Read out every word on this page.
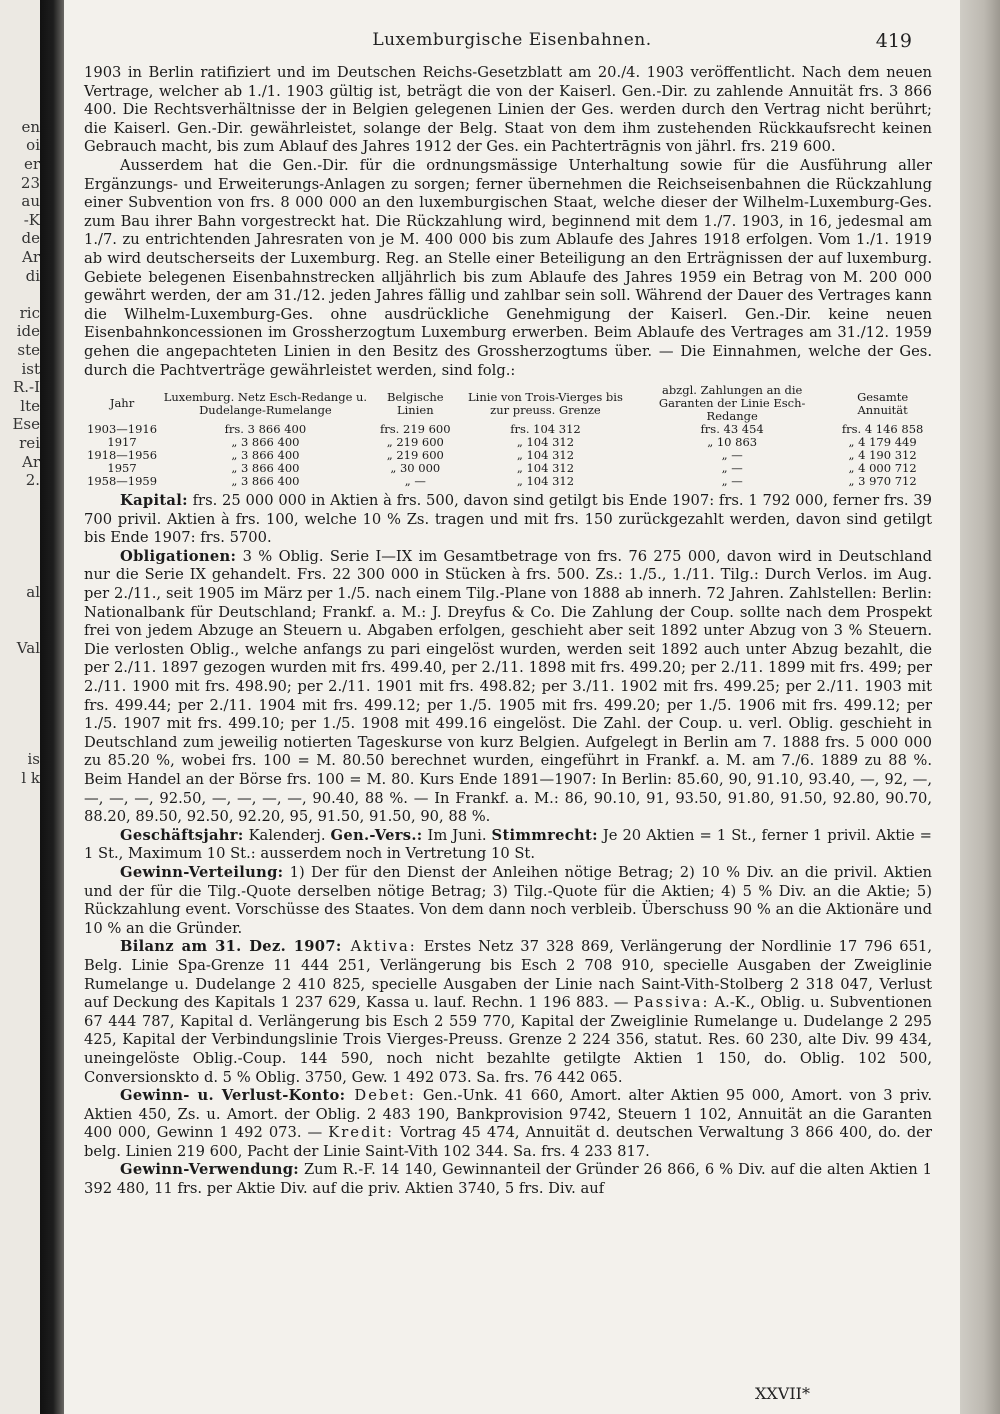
en
oi
er
23
au
-K
de
Ar
di
ric
ide
ste
ist
R.-I
lte
Ese
rei
Ar
2.
al
Val
is
l k
Luxemburgische Eisenbahnen.	419

1903 in Berlin ratifiziert und im Deutschen Reichs-Gesetzblatt am 20./4. 1903 veröffentlicht. Nach dem neuen Vertrage, welcher ab 1./1. 1903 gültig ist, beträgt die von der Kaiserl. Gen.-Dir. zu zahlende Annuität frs. 3 866 400. Die Rechtsverhältnisse der in Belgien gelegenen Linien der Ges. werden durch den Vertrag nicht berührt; die Kaiserl. Gen.-Dir. gewährleistet, solange der Belg. Staat von dem ihm zustehenden Rückkaufsrecht keinen Gebrauch macht, bis zum Ablauf des Jahres 1912 der Ges. ein Pachtertrāgnis von jährl. frs. 219 600.

Ausserdem hat die Gen.-Dir. für die ordnungsmässige Unterhaltung sowie für die Ausführung aller Ergänzungs- und Erweiterungs-Anlagen zu sorgen; ferner übernehmen die Reichseisenbahnen die Rückzahlung einer Subvention von frs. 8 000 000 an den luxemburgischen Staat, welche dieser der Wilhelm-Luxemburg-Ges. zum Bau ihrer Bahn vorgestreckt hat. Die Rückzahlung wird, beginnend mit dem 1./7. 1903, in 16, jedesmal am 1./7. zu entrichtenden Jahresraten von je M. 400 000 bis zum Ablaufe des Jahres 1918 erfolgen. Vom 1./1. 1919 ab wird deutscherseits der Luxemburg. Reg. an Stelle einer Beteiligung an den Erträgnissen der auf luxemburg. Gebiete belegenen Eisenbahnstrecken alljährlich bis zum Ablaufe des Jahres 1959 ein Betrag von M. 200 000 gewährt werden, der am 31./12. jeden Jahres fällig und zahlbar sein soll. Während der Dauer des Vertrages kann die Wilhelm-Luxemburg-Ges. ohne ausdrückliche Genehmigung der Kaiserl. Gen.-Dir. keine neuen Eisenbahnkoncessionen im Grossherzogtum Luxemburg erwerben. Beim Ablaufe des Vertrages am 31./12. 1959 gehen die angepachteten Linien in den Besitz des Grossherzogtums über. — Die Einnahmen, welche der Ges. durch die Pachtverträge gewährleistet werden, sind folg.:

Jahr	Luxemburg. Netz Esch-Redange u. Dudelange-Rumelange	Belgische Linien	Linie von Trois-Vierges bis zur preuss. Grenze	abzgl. Zahlungen an die Garanten der Linie Esch-Redange	Gesamte Annuität
1903—1916	frs. 3 866 400	frs. 219 600	frs. 104 312	frs. 43 454	frs. 4 146 858
1917	„ 3 866 400	„ 219 600	„ 104 312	„ 10 863	„ 4 179 449
1918—1956	„ 3 866 400	„ 219 600	„ 104 312	„ —	„ 4 190 312
1957	„ 3 866 400	„ 30 000	„ 104 312	„ —	„ 4 000 712
1958—1959	„ 3 866 400	„ —	„ 104 312	„ —	„ 3 970 712

Kapital: frs. 25 000 000 in Aktien à frs. 500, davon sind getilgt bis Ende 1907: frs. 1 792 000, ferner frs. 39 700 privil. Aktien à frs. 100, welche 10 % Zs. tragen und mit frs. 150 zurückgezahlt werden, davon sind getilgt bis Ende 1907: frs. 5700.

Obligationen: 3 % Oblig. Serie I—IX im Gesamtbetrage von frs. 76 275 000, davon wird in Deutschland nur die Serie IX gehandelt. Frs. 22 300 000 in Stücken à frs. 500. Zs.: 1./5., 1./11. Tilg.: Durch Verlos. im Aug. per 2./11., seit 1905 im März per 1./5. nach einem Tilg.-Plane von 1888 ab innerh. 72 Jahren. Zahlstellen: Berlin: Nationalbank für Deutschland; Frankf. a. M.: J. Dreyfus & Co. Die Zahlung der Coup. sollte nach dem Prospekt frei von jedem Abzuge an Steuern u. Abgaben erfolgen, geschieht aber seit 1892 unter Abzug von 3 % Steuern. Die verlosten Oblig., welche anfangs zu pari eingelöst wurden, werden seit 1892 auch unter Abzug bezahlt, die per 2./11. 1897 gezogen wurden mit frs. 499.40, per 2./11. 1898 mit frs. 499.20; per 2./11. 1899 mit frs. 499; per 2./11. 1900 mit frs. 498.90; per 2./11. 1901 mit frs. 498.82; per 3./11. 1902 mit frs. 499.25; per 2./11. 1903 mit frs. 499.44; per 2./11. 1904 mit frs. 499.12; per 1./5. 1905 mit frs. 499.20; per 1./5. 1906 mit frs. 499.12; per 1./5. 1907 mit frs. 499.10; per 1./5. 1908 mit 499.16 eingelöst. Die Zahl. der Coup. u. verl. Oblig. geschieht in Deutschland zum jeweilig notierten Tageskurse von kurz Belgien. Aufgelegt in Berlin am 7. 1888 frs. 5 000 000 zu 85.20 %, wobei frs. 100 = M. 80.50 berechnet wurden, eingeführt in Frankf. a. M. am 7./6. 1889 zu 88 %. Beim Handel an der Börse frs. 100 = M. 80. Kurs Ende 1891—1907: In Berlin: 85.60, 90, 91.10, 93.40, —, 92, —, —, —, —, 92.50, —, —, —, —, 90.40, 88 %. — In Frankf. a. M.: 86, 90.10, 91, 93.50, 91.80, 91.50, 92.80, 90.70, 88.20, 89.50, 92.50, 92.20, 95, 91.50, 91.50, 90, 88 %.

Geschäftsjahr: Kalenderj. Gen.-Vers.: Im Juni. Stimmrecht: Je 20 Aktien = 1 St., ferner 1 privil. Aktie = 1 St., Maximum 10 St.: ausserdem noch in Vertretung 10 St.

Gewinn-Verteilung: 1) Der für den Dienst der Anleihen nötige Betrag; 2) 10 % Div. an die privil. Aktien und der für die Tilg.-Quote derselben nötige Betrag; 3) Tilg.-Quote für die Aktien; 4) 5 % Div. an die Aktie; 5) Rückzahlung event. Vorschüsse des Staates. Von dem dann noch verbleib. Überschuss 90 % an die Aktionäre und 10 % an die Gründer.

Bilanz am 31. Dez. 1907: Aktiva: Erstes Netz 37 328 869, Verlängerung der Nordlinie 17 796 651, Belg. Linie Spa-Grenze 11 444 251, Verlängerung bis Esch 2 708 910, specielle Ausgaben der Zweiglinie Rumelange u. Dudelange 2 410 825, specielle Ausgaben der Linie nach Saint-Vith-Stolberg 2 318 047, Verlust auf Deckung des Kapitals 1 237 629, Kassa u. lauf. Rechn. 1 196 883. — Passiva: A.-K., Oblig. u. Subventionen 67 444 787, Kapital d. Verlängerung bis Esch 2 559 770, Kapital der Zweiglinie Rumelange u. Dudelange 2 295 425, Kapital der Verbindungslinie Trois Vierges-Preuss. Grenze 2 224 356, statut. Res. 60 230, alte Div. 99 434, uneingelöste Oblig.-Coup. 144 590, noch nicht bezahlte getilgte Aktien 1 150, do. Oblig. 102 500, Conversionskto d. 5 % Oblig. 3750, Gew. 1 492 073. Sa. frs. 76 442 065.

Gewinn- u. Verlust-Konto: Debet: Gen.-Unk. 41 660, Amort. alter Aktien 95 000, Amort. von 3 priv. Aktien 450, Zs. u. Amort. der Oblig. 2 483 190, Bankprovision 9742, Steuern 1 102, Annuität an die Garanten 400 000, Gewinn 1 492 073. — Kredit: Vortrag 45 474, Annuität d. deutschen Verwaltung 3 866 400, do. der belg. Linien 219 600, Pacht der Linie Saint-Vith 102 344. Sa. frs. 4 233 817.

Gewinn-Verwendung: Zum R.-F. 14 140, Gewinnanteil der Gründer 26 866, 6 % Div. auf die alten Aktien 1 392 480, 11 frs. per Aktie Div. auf die priv. Aktien 3740, 5 frs. Div. auf

XXVII*
